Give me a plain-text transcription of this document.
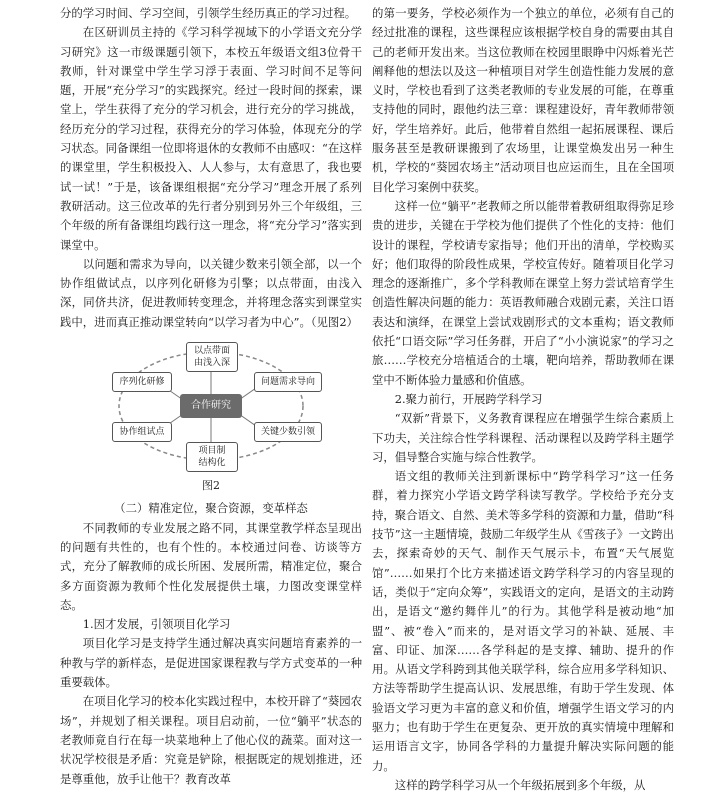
分的学习时间、学习空间，引领学生经历真正的学习过程。

在区研训员主持的《学习科学视域下的小学语文充分学习研究》这一市级课题引领下，本校五年级语文组3位骨干教师，针对课堂中学生学习浮于表面、学习时间不足等问题，开展“充分学习”的实践探究。经过一段时间的探索，课堂上，学生获得了充分的学习机会，进行充分的学习挑战，经历充分的学习过程，获得充分的学习体验，体现充分的学习状态。同备课组一位即将退休的女教师不由感叹：“在这样的课堂里，学生积极投入、人人参与，太有意思了，我也要试一试！”于是，该备课组根据“充分学习”理念开展了系列教研活动。这三位改革的先行者分别到另外三个年级组，三个年级的所有备课组均践行这一理念，将“充分学习”落实到课堂中。

以问题和需求为导向，以关键少数来引领全部，以一个协作组做试点，以序列化研修为引擎；以点带面，由浅入深，同侪共济，促进教师转变理念，并将理念落实到课堂实践中，进而真正推动课堂转向“以学习者为中心”。（见图2）

以点带面
由浅入深
问题需求导向
关键少数引领
项目制
结构化
协作组试点
序列化研修
合作研究

图2

（二）精准定位，聚合资源，变革样态

不同教师的专业发展之路不同，其课堂教学样态呈现出的问题有共性的，也有个性的。本校通过问卷、访谈等方式，充分了解教师的成长所困、发展所需，精准定位，聚合多方面资源为教师个性化发展提供土壤，力图改变课堂样态。

1.因才发展，引领项目化学习

项目化学习是支持学生通过解决真实问题培育素养的一种教与学的新样态，是促进国家课程教与学方式变革的一种重要载体。

在项目化学习的校本化实践过程中，本校开辟了“葵园农场”，并规划了相关课程。项目启动前，一位“躺平”状态的老教师竟自行在每一块菜地种上了他心仪的蔬菜。面对这一状况学校很是矛盾：究竟是铲除，根据既定的规划推进，还是尊重他，放手让他干？教育改革

的第一要务，学校必须作为一个独立的单位，必须有自己的经过批准的课程，这些课程应该根据学校自身的需要由其自己的老师开发出来。当这位教师在校园里眼睁中闪烁着光芒阐释他的想法以及这一种植项目对学生创造性能力发展的意义时，学校也看到了这类老教师的专业发展的可能，在尊重支持他的同时，跟他约法三章：课程建设好，青年教师带领好，学生培养好。此后，他带着自然组一起拓展课程、课后服务甚至是教研课搬到了农场里，让课堂焕发出另一种生机，学校的“葵园农场主”活动项目也应运而生，且在全国项目化学习案例中获奖。

这样一位“躺平”老教师之所以能带着教研组取得弥足珍贵的进步，关键在于学校为他们提供了个性化的支持：他们设计的课程，学校请专家指导；他们开出的清单，学校购买好；他们取得的阶段性成果，学校宣传好。随着项目化学习理念的逐渐推广，多个学科教师在课堂上努力尝试培育学生创造性解决问题的能力：英语教师融合戏剧元素，关注口语表达和演绎，在课堂上尝试戏剧形式的文本重构；语文教师依托“口语交际”学习任务群，开启了“小小演说家”的学习之旅……学校充分培植适合的土壤，靶向培养，帮助教师在课堂中不断体验力量感和价值感。

2.聚力前行，开展跨学科学习

“双新”背景下，义务教育课程应在增强学生综合素质上下功夫，关注综合性学科课程、活动课程以及跨学科主题学习，倡导整合实施与综合性教学。

语文组的教师关注到新课标中“跨学科学习”这一任务群，着力探究小学语文跨学科读写教学。学校给予充分支持，聚合语文、自然、美术等多学科的资源和力量，借助“科技节”这一主题情境，鼓励二年级学生从《雪孩子》一文跨出去，探索奇妙的天气、制作天气展示卡，布置“天气展览馆”……如果打个比方来描述语文跨学科学习的内容呈现的话，类似于“定向众筹”，实践语文的定向，是语文的主动跨出，是语文“邀约舞伴儿”的行为。其他学科是被动地“加盟”、被“卷入”而来的，是对语文学习的补缺、延展、丰富、印证、加深……各学科起的是支撑、辅助、提升的作用。从语文学科跨到其他关联学科，综合应用多学科知识、方法等帮助学生提高认识、发展思维，有助于学生发现、体验语文学习更为丰富的意义和价值，增强学生语文学习的内驱力；也有助于学生在更复杂、更开放的真实情境中理解和运用语言文字，协同各学科的力量提升解决实际问题的能力。

这样的跨学科学习从一个年级拓展到多个年级，从
